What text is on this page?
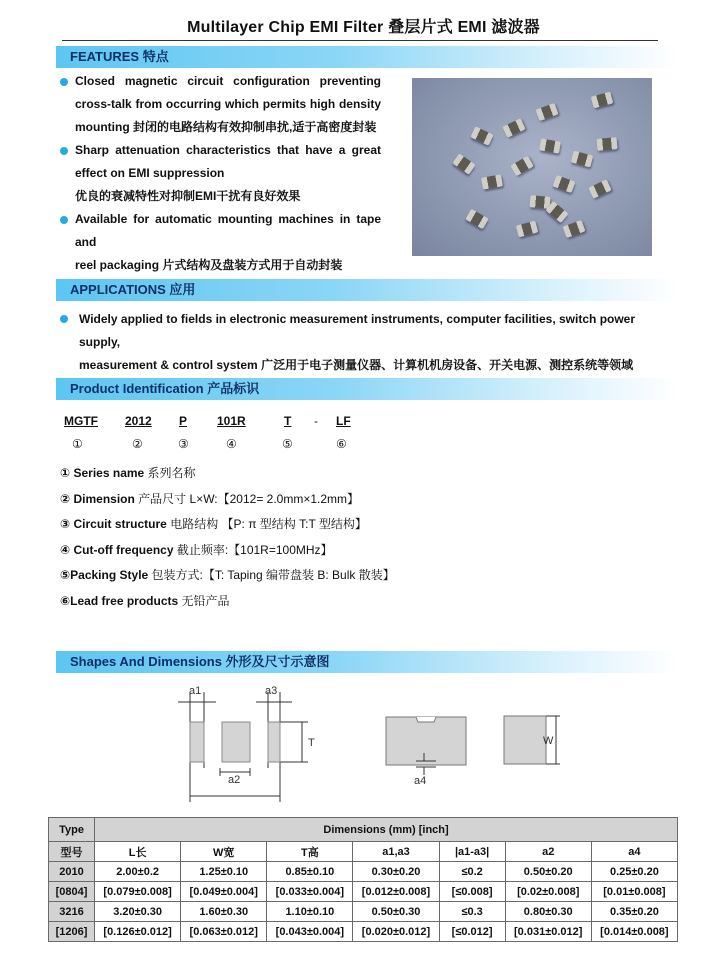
Multilayer Chip EMI Filter 叠层片式 EMI 滤波器
FEATURES 特点
Closed magnetic circuit configuration preventing
cross-talk from occurring which permits high density
mounting 封闭的电路结构有效抑制串扰,适于高密度封装
Sharp attenuation characteristics that have a great
effect on EMI suppression
优良的衰减特性对抑制EMI干扰有良好效果
Available for automatic mounting machines in tape and
reel packaging 片式结构及盘装方式用于自动封装
APPLICATIONS 应用
Widely applied to fields in electronic measurement instruments, computer facilities, switch power supply,
measurement & control system 广泛用于电子测量仪器、计算机机房设备、开关电源、测控系统等领域
Product Identification 产品标识
MGTF 2012 P 101R	T - LF
①	②	③	④	⑤	⑥
① Series name 系列名称
② Dimension 产品尺寸 L×W:【2012= 2.0mm×1.2mm】
③ Circuit structure 电路结构 【P: π 型结构 T:T 型结构】
④ Cut-off frequency 截止频率:【101R=100MHz】
⑤Packing Style 包装方式:【T: Taping 编带盘装 B: Bulk 散装】
⑥Lead free products 无铅产品
Shapes And Dimensions 外形及尺寸示意图
a1	a3
a2
T
a4
W
Type	Dimensions (mm) [inch]						
型号	L长	W宽	T高	a1,a3	|a1-a3|	a2	a4
2010	2.00±0.2	1.25±0.10	0.85±0.10	0.30±0.20	≤0.2	0.50±0.20	0.25±0.20
[0804]	[0.079±0.008]	[0.049±0.004]	[0.033±0.004]	[0.012±0.008]	[≤0.008]	[0.02±0.008]	[0.01±0.008]
3216	3.20±0.30	1.60±0.30	1.10±0.10	0.50±0.30	≤0.3	0.80±0.30	0.35±0.20
[1206]	[0.126±0.012]	[0.063±0.012]	[0.043±0.004]	[0.020±0.012]	[≤0.012]	[0.031±0.012]	[0.014±0.008]
